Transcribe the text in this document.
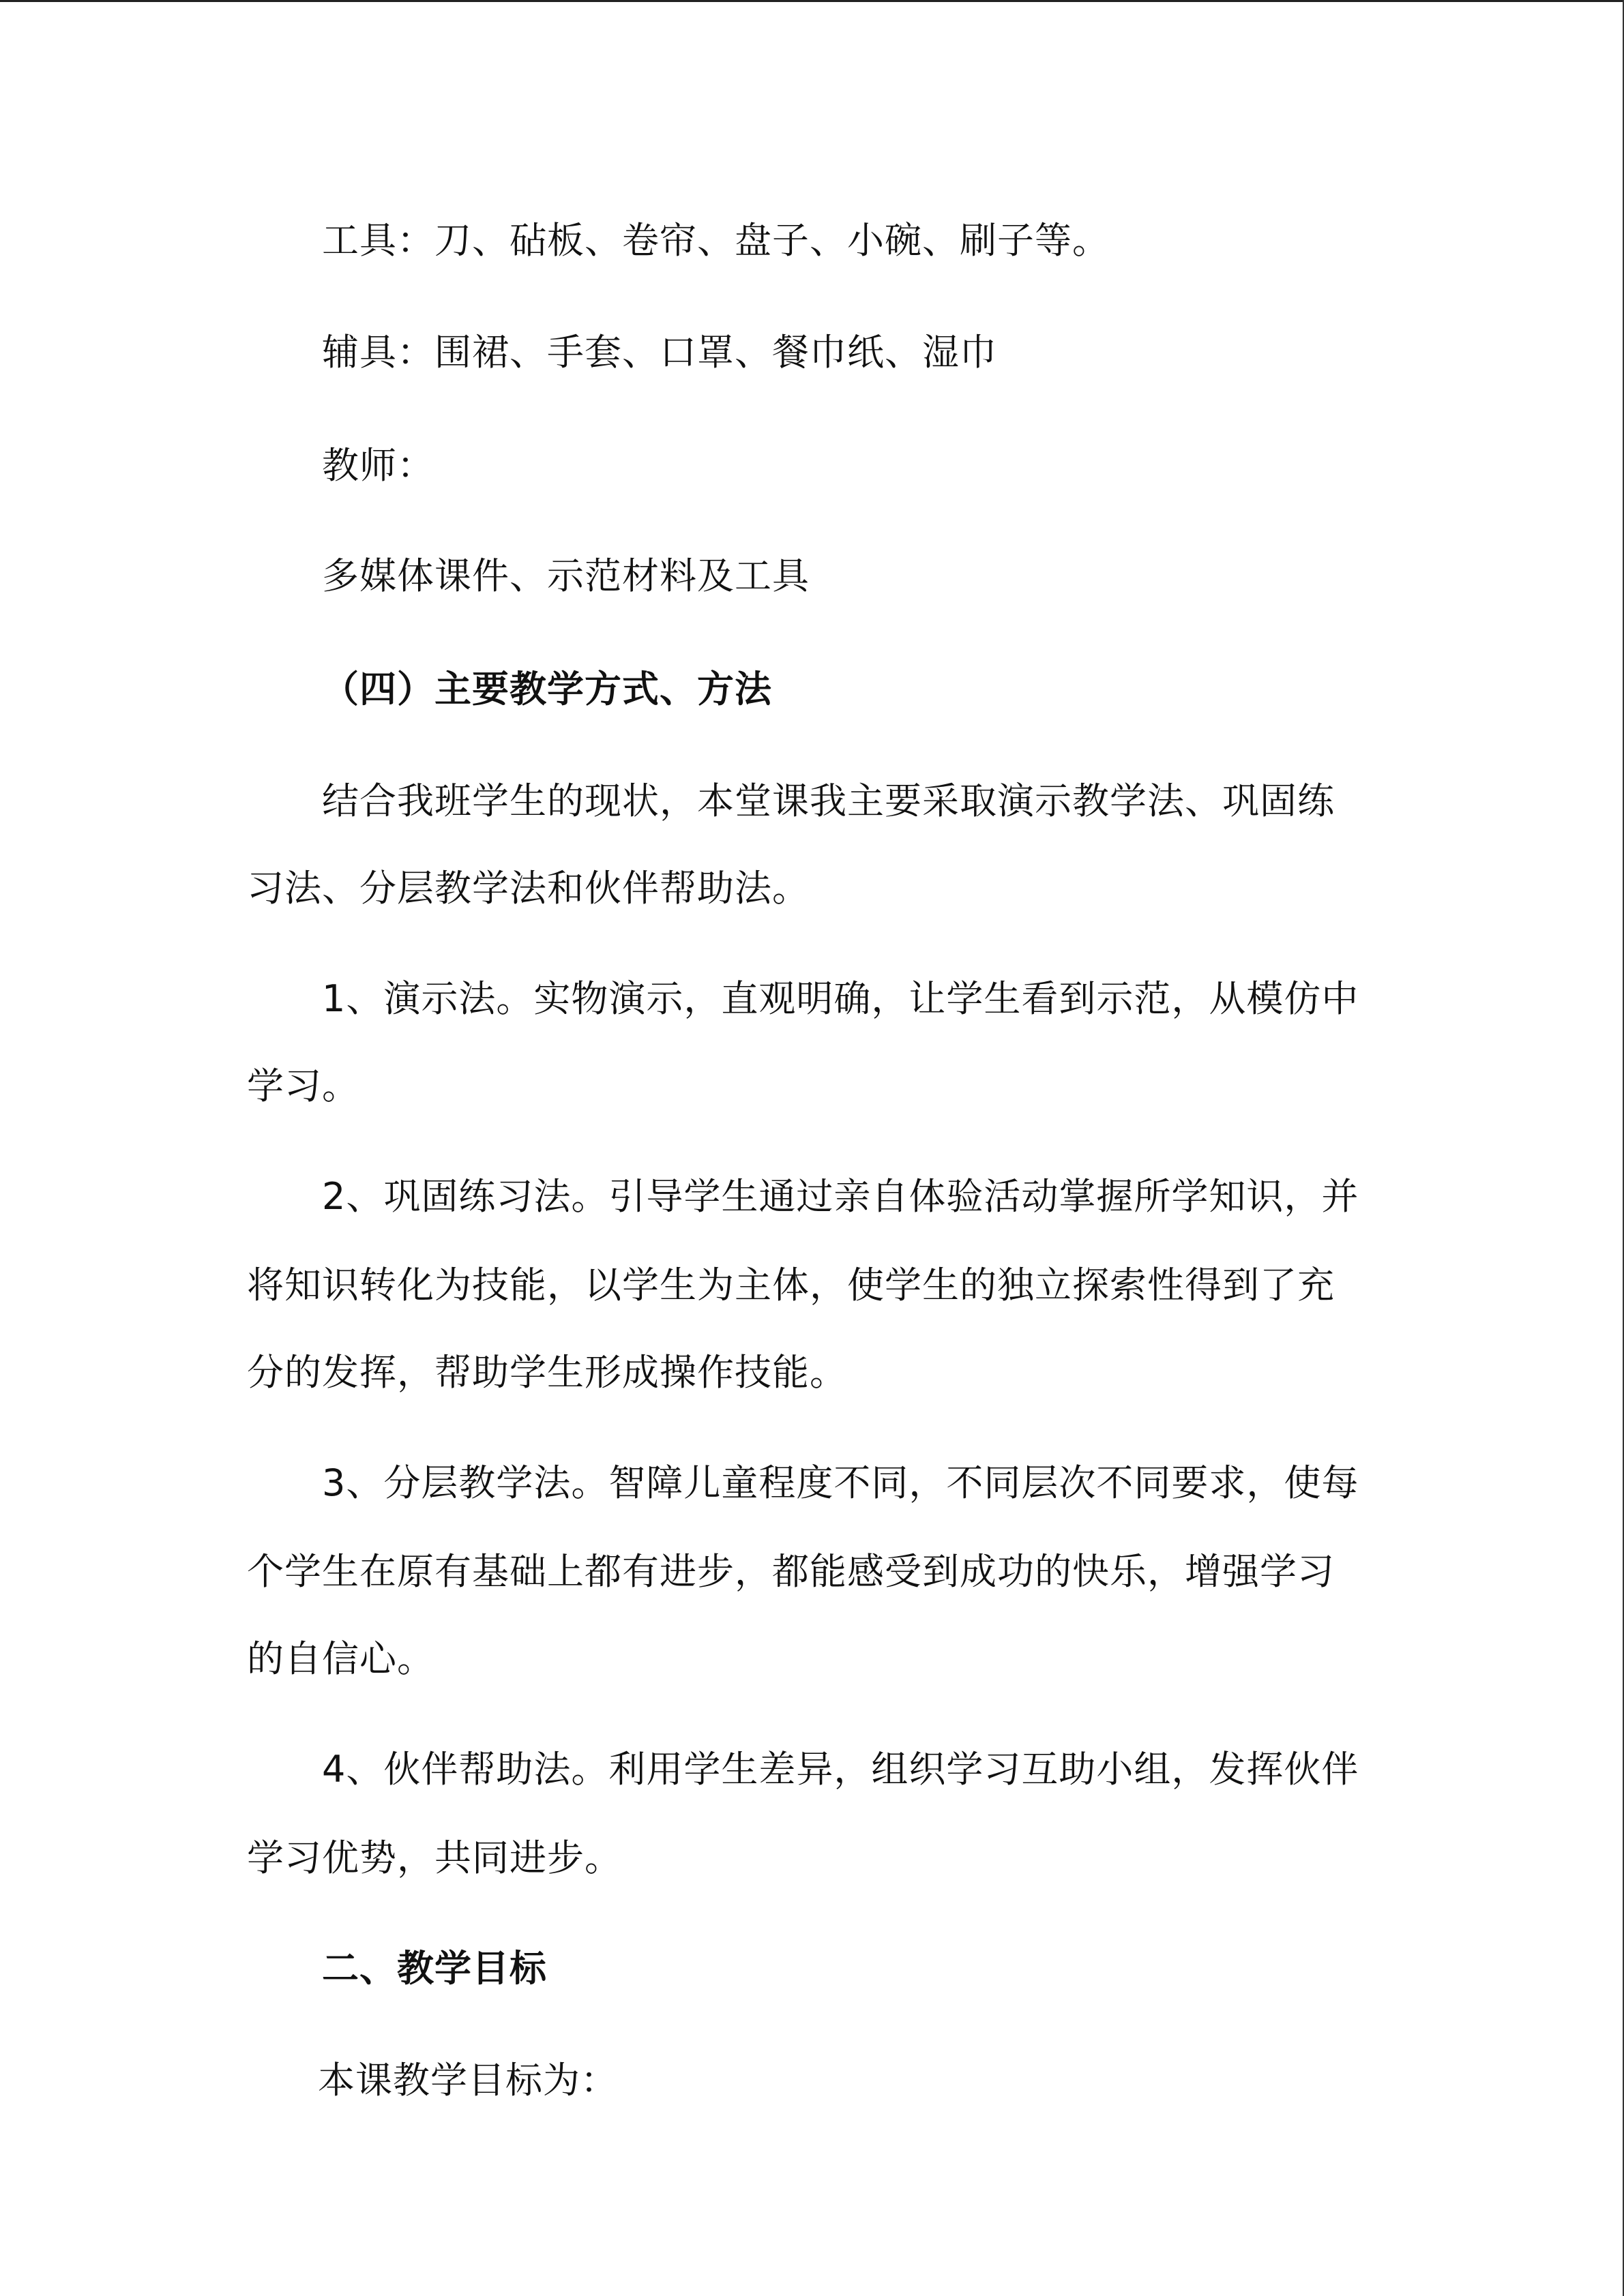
工具：刀、砧板、卷帘、盘子、小碗、刷子等。

辅具：围裙、手套、口罩、餐巾纸、湿巾

教师：

多媒体课件、示范材料及工具

（四）主要教学方式、方法

结合我班学生的现状，本堂课我主要采取演示教学法、巩固练

习法、分层教学法和伙伴帮助法。

1、演示法。实物演示，直观明确，让学生看到示范，从模仿中

学习。

2、巩固练习法。引导学生通过亲自体验活动掌握所学知识，并

将知识转化为技能，以学生为主体，使学生的独立探索性得到了充

分的发挥，帮助学生形成操作技能。

3、分层教学法。智障儿童程度不同，不同层次不同要求，使每

个学生在原有基础上都有进步，都能感受到成功的快乐，增强学习

的自信心。

4、伙伴帮助法。利用学生差异，组织学习互助小组，发挥伙伴

学习优势，共同进步。

二、教学目标

本课教学目标为：
